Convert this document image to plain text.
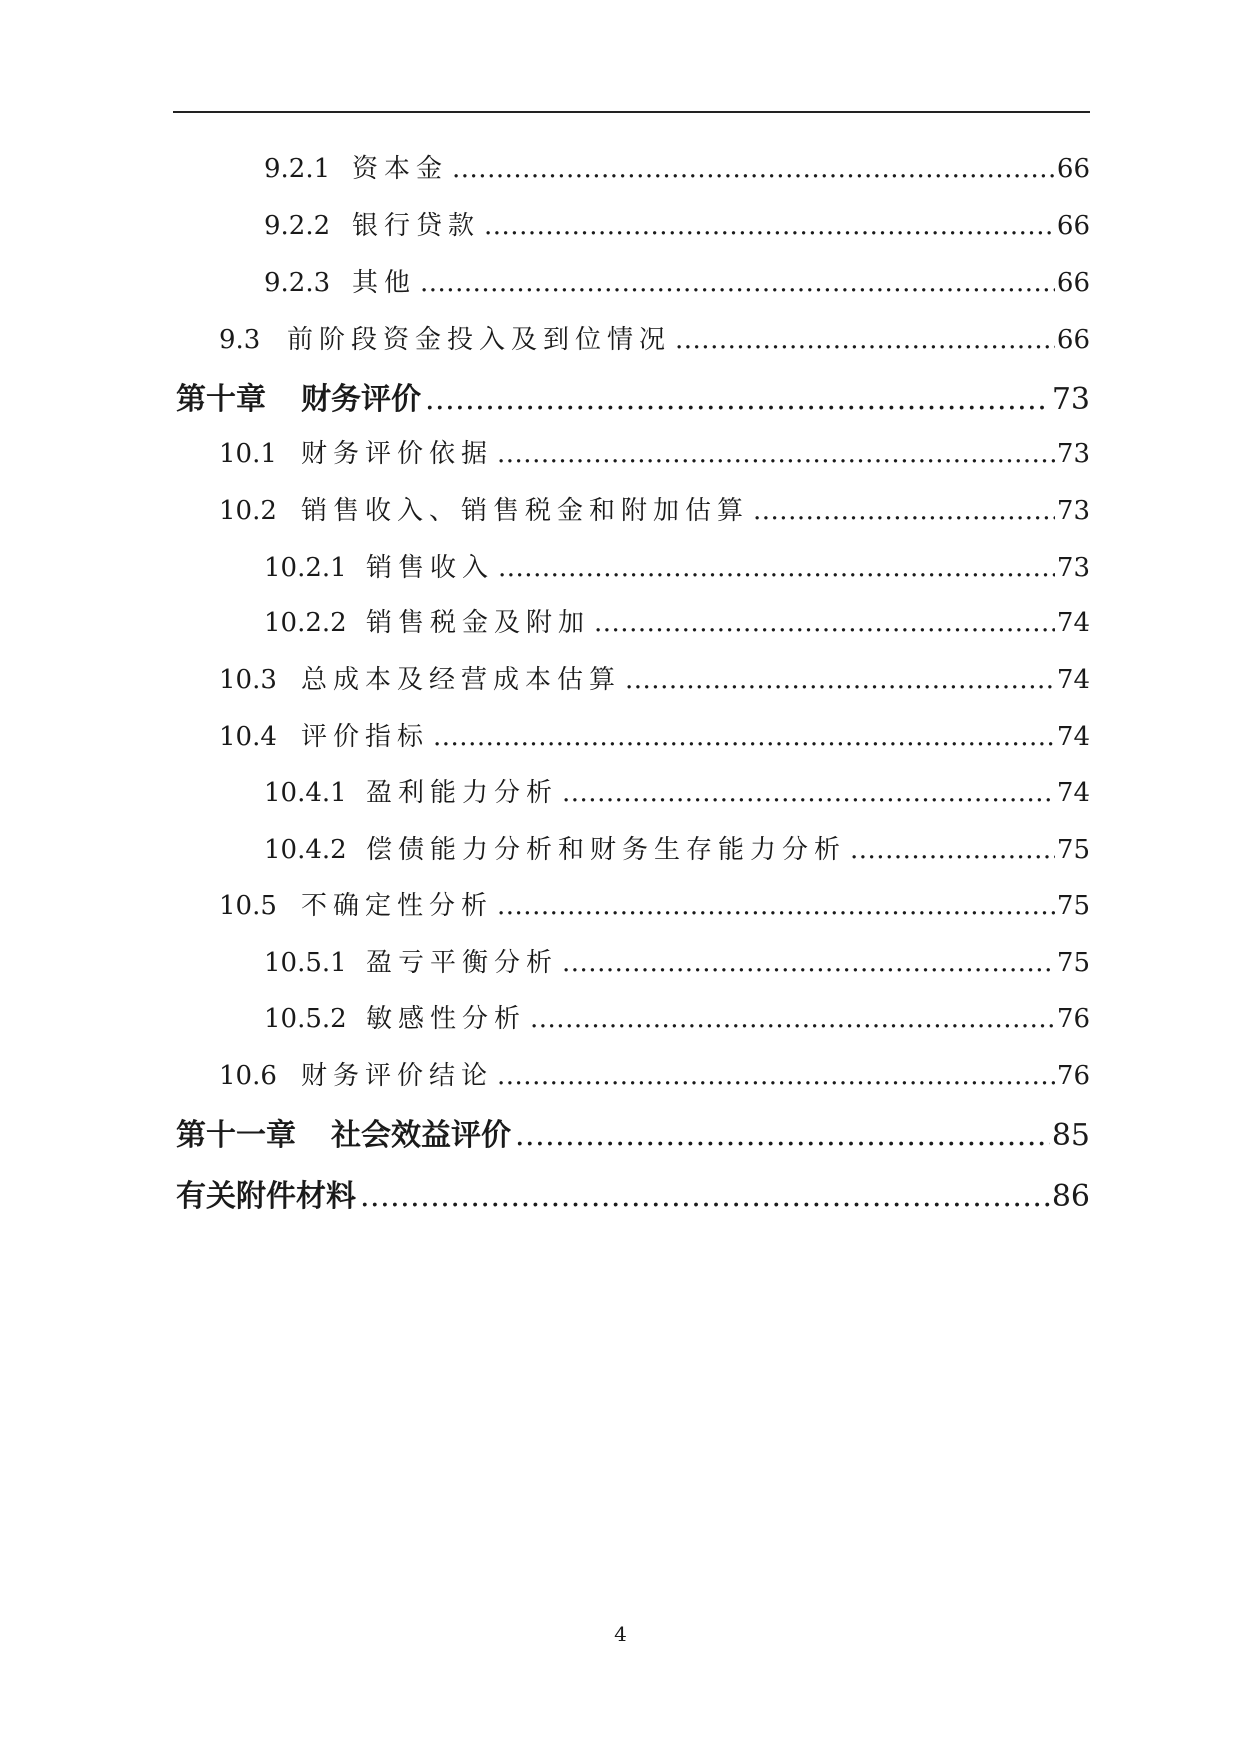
9.2.1 资本金 .....	66
9.2.2 银行贷款 .....	66
9.2.3 其他 .....	66
9.3	前阶段资金投入及到位情况 .....	66
第十章	财务评价 .....	73
10.1 财务评价依据 .....	73
10.2 销售收入、销售税金和附加估算 .....	73
10.2.1 销售收入 .....	73
10.2.2 销售税金及附加 .....	74
10.3 总成本及经营成本估算 .....	74
10.4 评价指标 .....	74
10.4.1 盈利能力分析 .....	74
10.4.2 偿债能力分析和财务生存能力分析 .....	75
10.5 不确定性分析 .....	75
10.5.1 盈亏平衡分析 .....	75
10.5.2 敏感性分析 .....	76
10.6 财务评价结论 .....	76
第十一章	社会效益评价 .....	85
有关附件材料 .....	86
4
